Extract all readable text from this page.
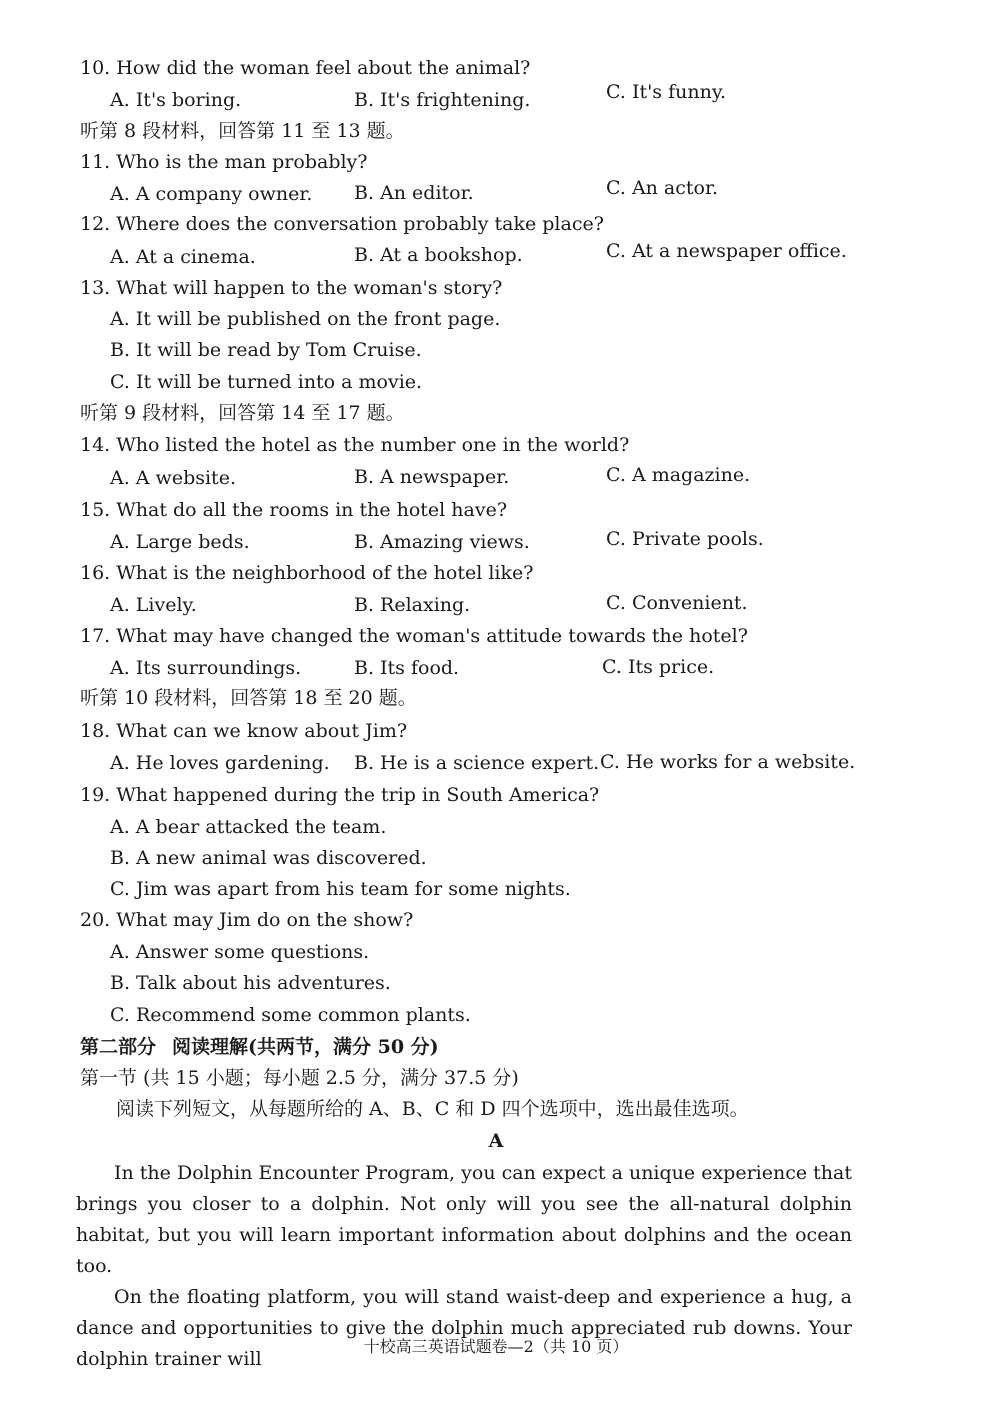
10. How did the woman feel about the animal?
A. It's boring.	B. It's frightening.	C. It's funny.
听第 8 段材料，回答第 11 至 13 题。
11. Who is the man probably?
A. A company owner. B. An editor.	C. An actor.
12. Where does the conversation probably take place?
A. At a cinema.	B. At a bookshop.	C. At a newspaper office.
13. What will happen to the woman's story?
A. It will be published on the front page.
B. It will be read by Tom Cruise.
C. It will be turned into a movie.
听第 9 段材料，回答第 14 至 17 题。
14. Who listed the hotel as the number one in the world?
A. A website.	B. A newspaper.	C. A magazine.
15. What do all the rooms in the hotel have?
A. Large beds.	B. Amazing views.	C. Private pools.
16. What is the neighborhood of the hotel like?
A. Lively.	B. Relaxing.	C. Convenient.
17. What may have changed the woman's attitude towards the hotel?
A. Its surroundings.	B. Its food.	C. Its price.
听第 10 段材料，回答第 18 至 20 题。
18. What can we know about Jim?
A. He loves gardening. B. He is a science expert. C. He works for a website.
19. What happened during the trip in South America?
A. A bear attacked the team.
B. A new animal was discovered.
C. Jim was apart from his team for some nights.
20. What may Jim do on the show?
A. Answer some questions.
B. Talk about his adventures.
C. Recommend some common plants.
第二部分 阅读理解(共两节，满分 50 分)
第一节 (共 15 小题；每小题 2.5 分，满分 37.5 分)
阅读下列短文，从每题所给的 A、B、C 和 D 四个选项中，选出最佳选项。
A

In the Dolphin Encounter Program, you can expect a unique experience that brings you closer to a dolphin. Not only will you see the all-natural dolphin habitat, but you will learn important information about dolphins and the ocean too.

On the floating platform, you will stand waist-deep and experience a hug, a dance and opportunities to give the dolphin much appreciated rub downs. Your dolphin trainer will

十校高三英语试题卷—2（共 10 页）
